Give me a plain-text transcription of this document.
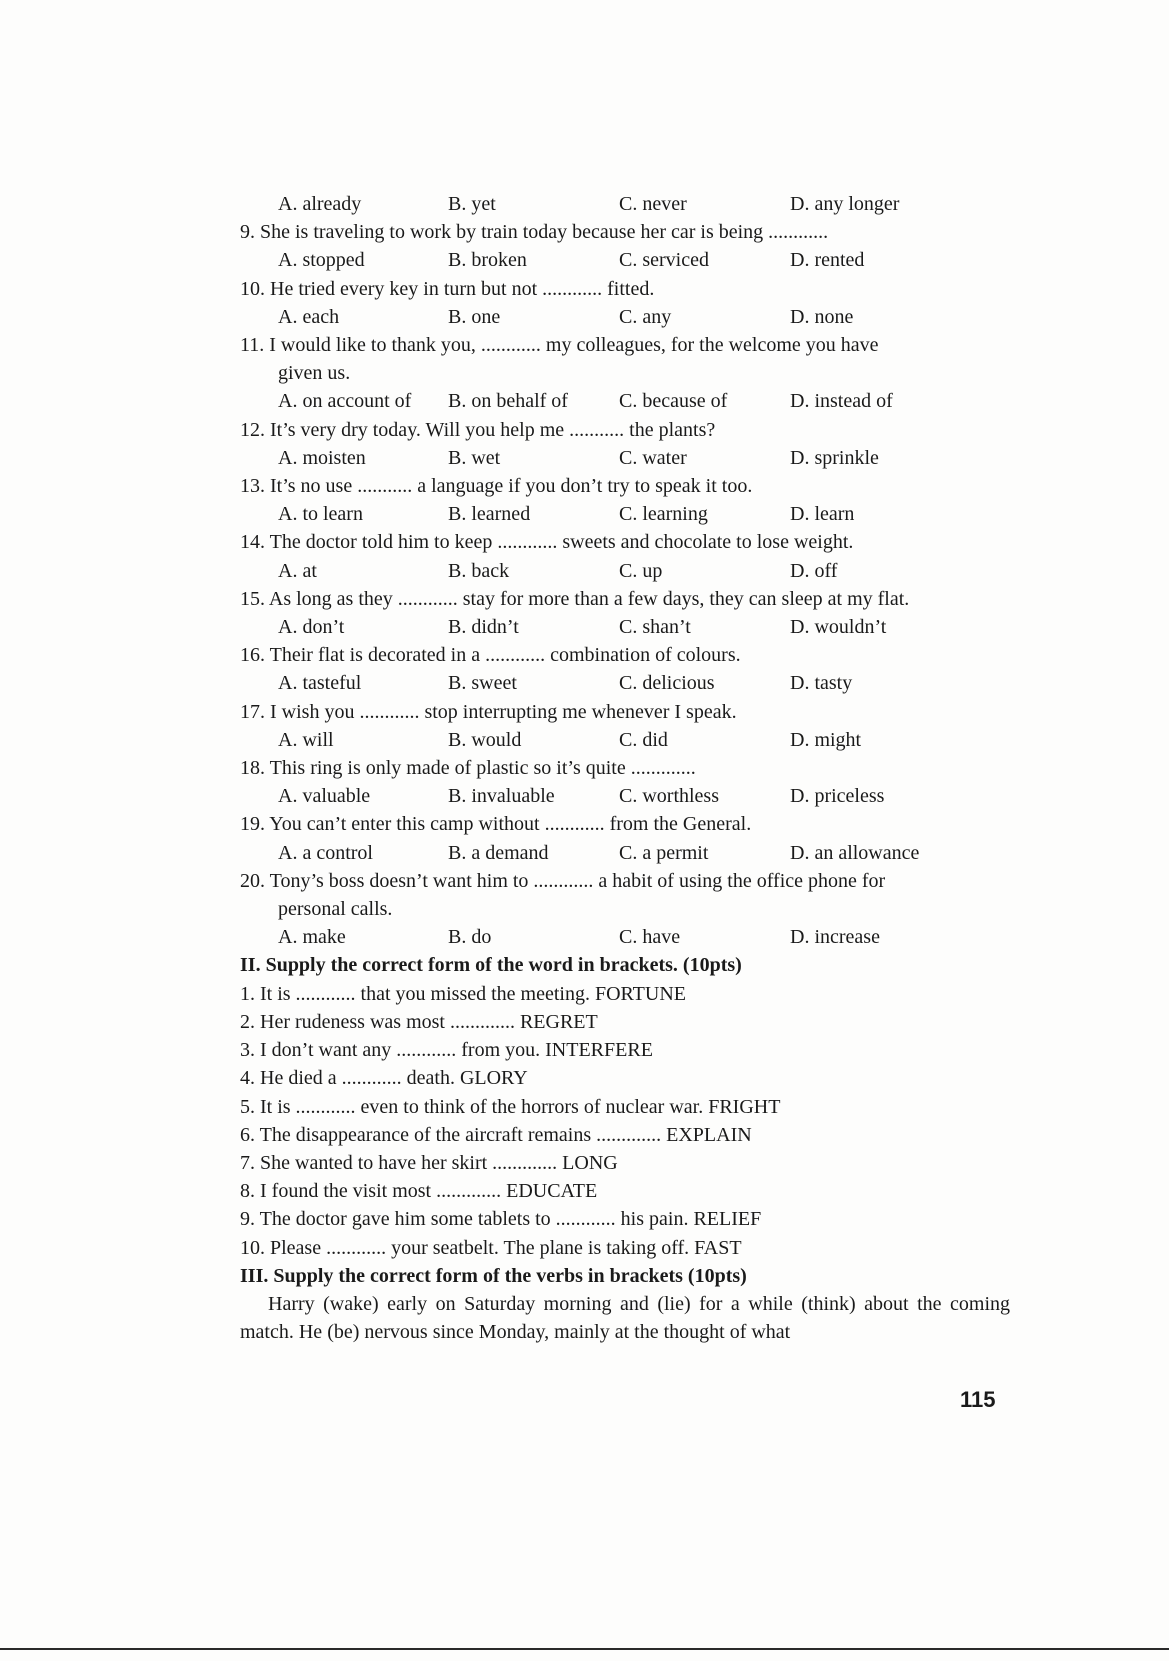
A. already	B. yet	C. never	D. any longer
9. She is traveling to work by train today because her car is being ............
A. stopped	B. broken	C. serviced	D. rented
10. He tried every key in turn but not ............ fitted.
A. each	B. one	C. any	D. none
11. I would like to thank you, ............ my colleagues, for the welcome you have
given us.
A. on account of	B. on behalf of	C. because of	D. instead of
12. It’s very dry today. Will you help me ........... the plants?
A. moisten	B. wet	C. water	D. sprinkle
13. It’s no use ........... a language if you don’t try to speak it too.
A. to learn	B. learned	C. learning	D. learn
14. The doctor told him to keep ............ sweets and chocolate to lose weight.
A. at	B. back	C. up	D. off
15. As long as they ............ stay for more than a few days, they can sleep at my flat.
A. don’t	B. didn’t	C. shan’t	D. wouldn’t
16. Their flat is decorated in a ............ combination of colours.
A. tasteful	B. sweet	C. delicious	D. tasty
17. I wish you ............ stop interrupting me whenever I speak.
A. will	B. would	C. did	D. might
18. This ring is only made of plastic so it’s quite .............
A. valuable	B. invaluable	C. worthless	D. priceless
19. You can’t enter this camp without ............ from the General.
A. a control	B. a demand	C. a permit	D. an allowance
20. Tony’s boss doesn’t want him to ............ a habit of using the office phone for
personal calls.
A. make	B. do	C. have	D. increase
II. Supply the correct form of the word in brackets. (10pts)
1. It is ............ that you missed the meeting. FORTUNE
2. Her rudeness was most ............. REGRET
3. I don’t want any ............ from you. INTERFERE
4. He died a ............ death. GLORY
5. It is ............ even to think of the horrors of nuclear war. FRIGHT
6. The disappearance of the aircraft remains ............. EXPLAIN
7. She wanted to have her skirt ............. LONG
8. I found the visit most ............. EDUCATE
9. The doctor gave him some tablets to ............ his pain. RELIEF
10. Please ............ your seatbelt. The plane is taking off. FAST
III. Supply the correct form of the verbs in brackets (10pts)
Harry (wake) early on Saturday morning and (lie) for a while (think) about the coming match. He (be) nervous since Monday, mainly at the thought of what
115
